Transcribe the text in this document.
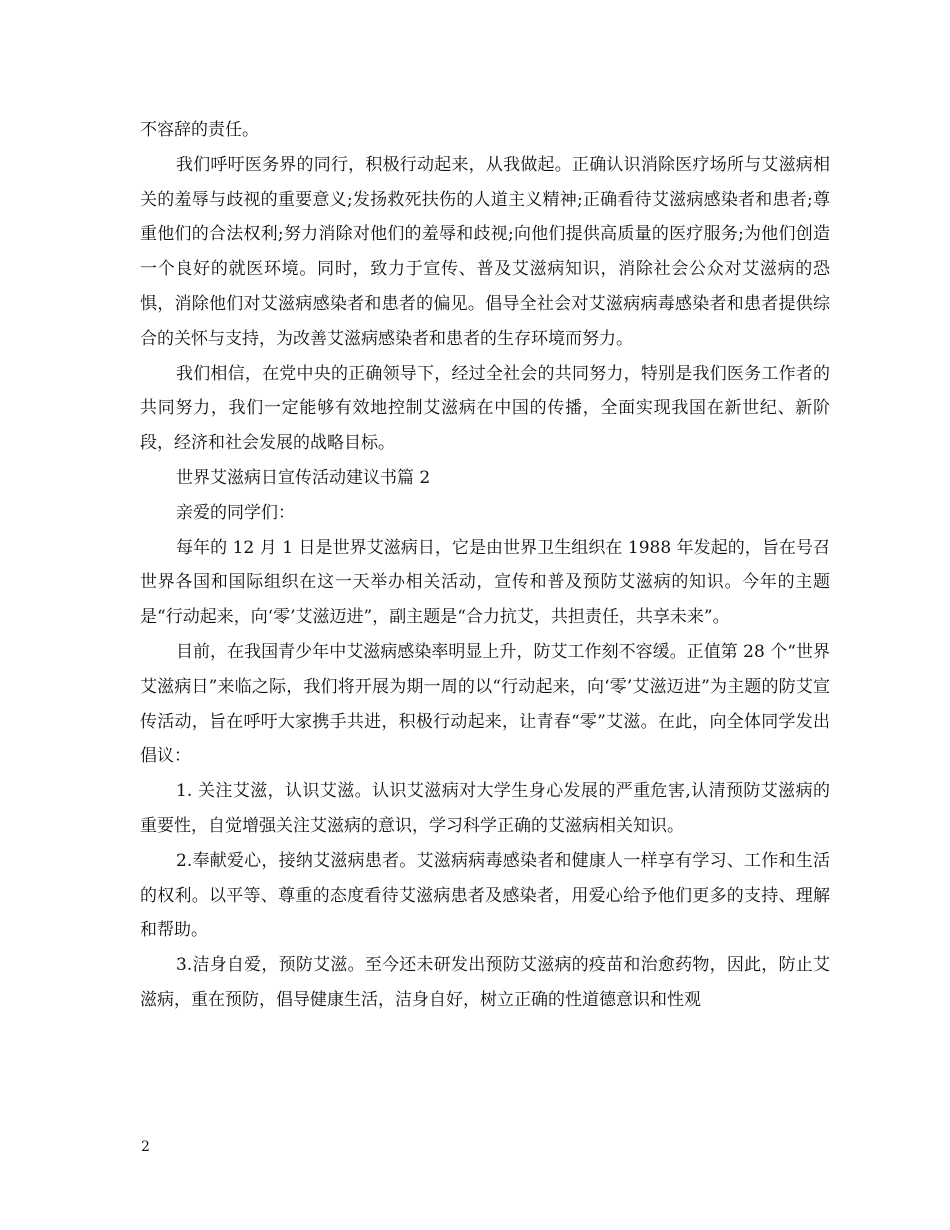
不容辞的责任。

我们呼吁医务界的同行，积极行动起来，从我做起。正确认识消除医疗场所与艾滋病相关的羞辱与歧视的重要意义;发扬救死扶伤的人道主义精神;正确看待艾滋病感染者和患者;尊重他们的合法权利;努力消除对他们的羞辱和歧视;向他们提供高质量的医疗服务;为他们创造一个良好的就医环境。同时，致力于宣传、普及艾滋病知识，消除社会公众对艾滋病的恐惧，消除他们对艾滋病感染者和患者的偏见。倡导全社会对艾滋病病毒感染者和患者提供综合的关怀与支持，为改善艾滋病感染者和患者的生存环境而努力。

我们相信，在党中央的正确领导下，经过全社会的共同努力，特别是我们医务工作者的共同努力，我们一定能够有效地控制艾滋病在中国的传播，全面实现我国在新世纪、新阶段，经济和社会发展的战略目标。

世界艾滋病日宣传活动建议书篇 2

亲爱的同学们：

每年的 12 月 1 日是世界艾滋病日，它是由世界卫生组织在 1988 年发起的，旨在号召世界各国和国际组织在这一天举办相关活动，宣传和普及预防艾滋病的知识。今年的主题是“行动起来，向‘零’艾滋迈进”，副主题是“合力抗艾，共担责任，共享未来”。

目前，在我国青少年中艾滋病感染率明显上升，防艾工作刻不容缓。正值第 28 个“世界艾滋病日”来临之际，我们将开展为期一周的以“行动起来，向‘零’艾滋迈进”为主题的防艾宣传活动，旨在呼吁大家携手共进，积极行动起来，让青春“零”艾滋。在此，向全体同学发出倡议：

1. 关注艾滋，认识艾滋。认识艾滋病对大学生身心发展的严重危害,认清预防艾滋病的重要性，自觉增强关注艾滋病的意识，学习科学正确的艾滋病相关知识。

2.奉献爱心，接纳艾滋病患者。艾滋病病毒感染者和健康人一样享有学习、工作和生活的权利。以平等、尊重的态度看待艾滋病患者及感染者，用爱心给予他们更多的支持、理解和帮助。

3.洁身自爱，预防艾滋。至今还未研发出预防艾滋病的疫苗和治愈药物，因此，防止艾滋病，重在预防，倡导健康生活，洁身自好，树立正确的性道德意识和性观

2
